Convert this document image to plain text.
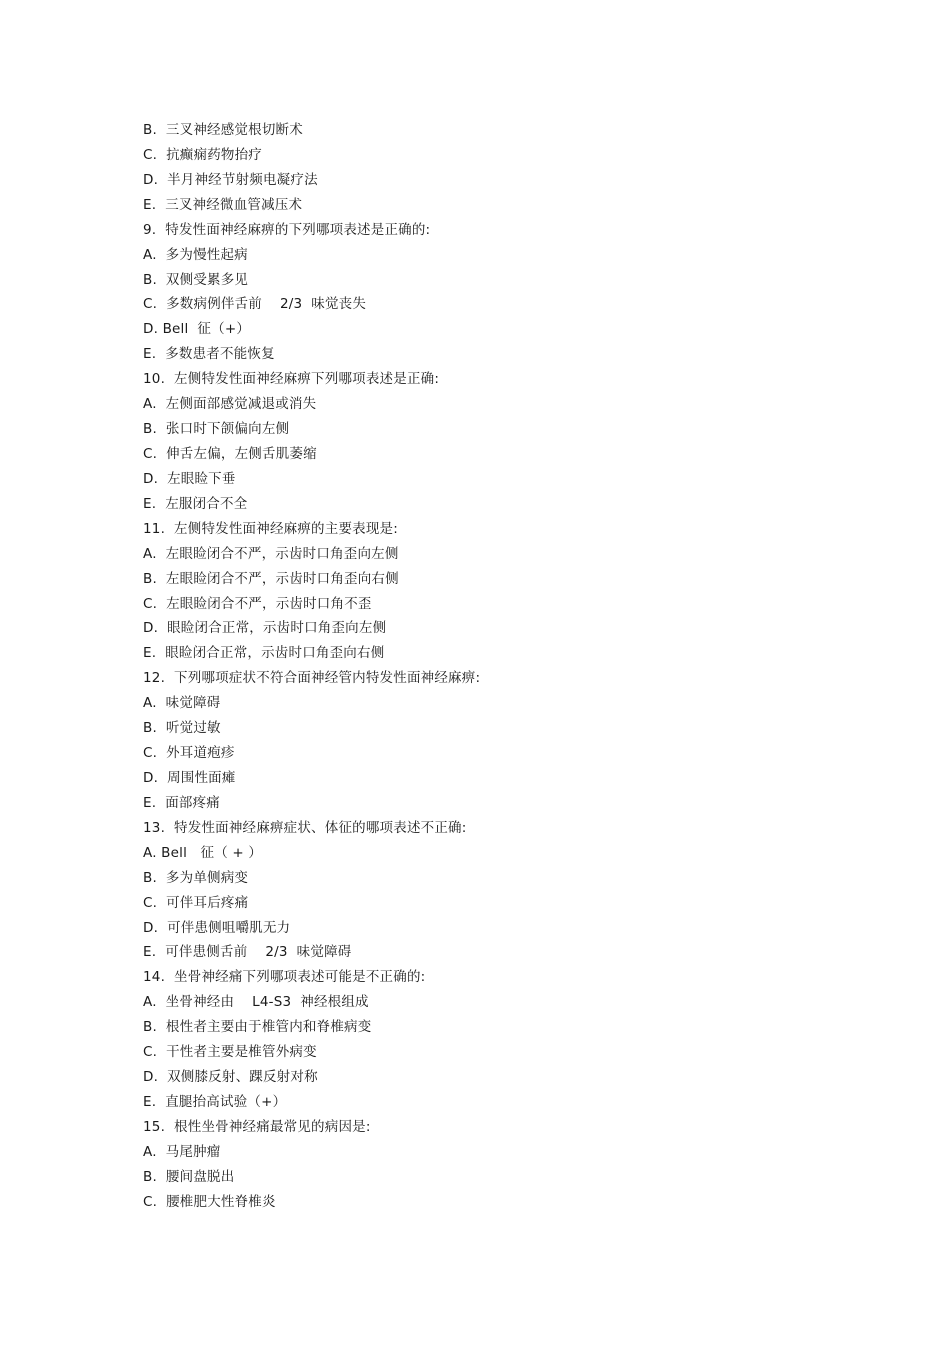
B.  三叉神经感觉根切断术
C.  抗癫痫药物抬疗
D.  半月神经节射频电凝疗法
E.  三叉神经微血管减压术
9.  特发性面神经麻痹的下列哪项表述是正确的:
A.  多为慢性起病
B.  双侧受累多见
C.  多数病例伴舌前    2/3  味觉丧失
D. Bell  征（+）
E.  多数患者不能恢复
10.  左侧特发性面神经麻痹下列哪项表述是正确:
A.  左侧面部感觉减退或消失
B.  张口时下颌偏向左侧
C.  伸舌左偏，左侧舌肌萎缩
D.  左眼睑下垂
E.  左服闭合不全
11.  左侧特发性面神经麻痹的主要表现是:
A.  左眼睑闭合不严，示齿时口角歪向左侧
B.  左眼睑闭合不严，示齿时口角歪向右侧
C.  左眼睑闭合不严，示齿时口角不歪
D.  眼睑闭合正常，示齿时口角歪向左侧
E.  眼睑闭合正常，示齿时口角歪向右侧
12.  下列哪项症状不符合面神经管内特发性面神经麻痹:
A.  味觉障碍
B.  听觉过敏
C.  外耳道疱疹
D.  周围性面瘫
E.  面部疼痛
13.  特发性面神经麻痹症状、体征的哪项表述不正确:
A. Bell   征（ + ）
B.  多为单侧病变
C.  可伴耳后疼痛
D.  可伴患侧咀嚼肌无力
E.  可伴患侧舌前    2/3  味觉障碍
14.  坐骨神经痛下列哪项表述可能是不正确的:
A.  坐骨神经由    L4-S3  神经根组成
B.  根性者主要由于椎管内和脊椎病变
C.  干性者主要是椎管外病变
D.  双侧膝反射、踝反射对称
E.  直腿抬高试验（+）
15.  根性坐骨神经痛最常见的病因是:
A.  马尾肿瘤
B.  腰间盘脱出
C.  腰椎肥大性脊椎炎
